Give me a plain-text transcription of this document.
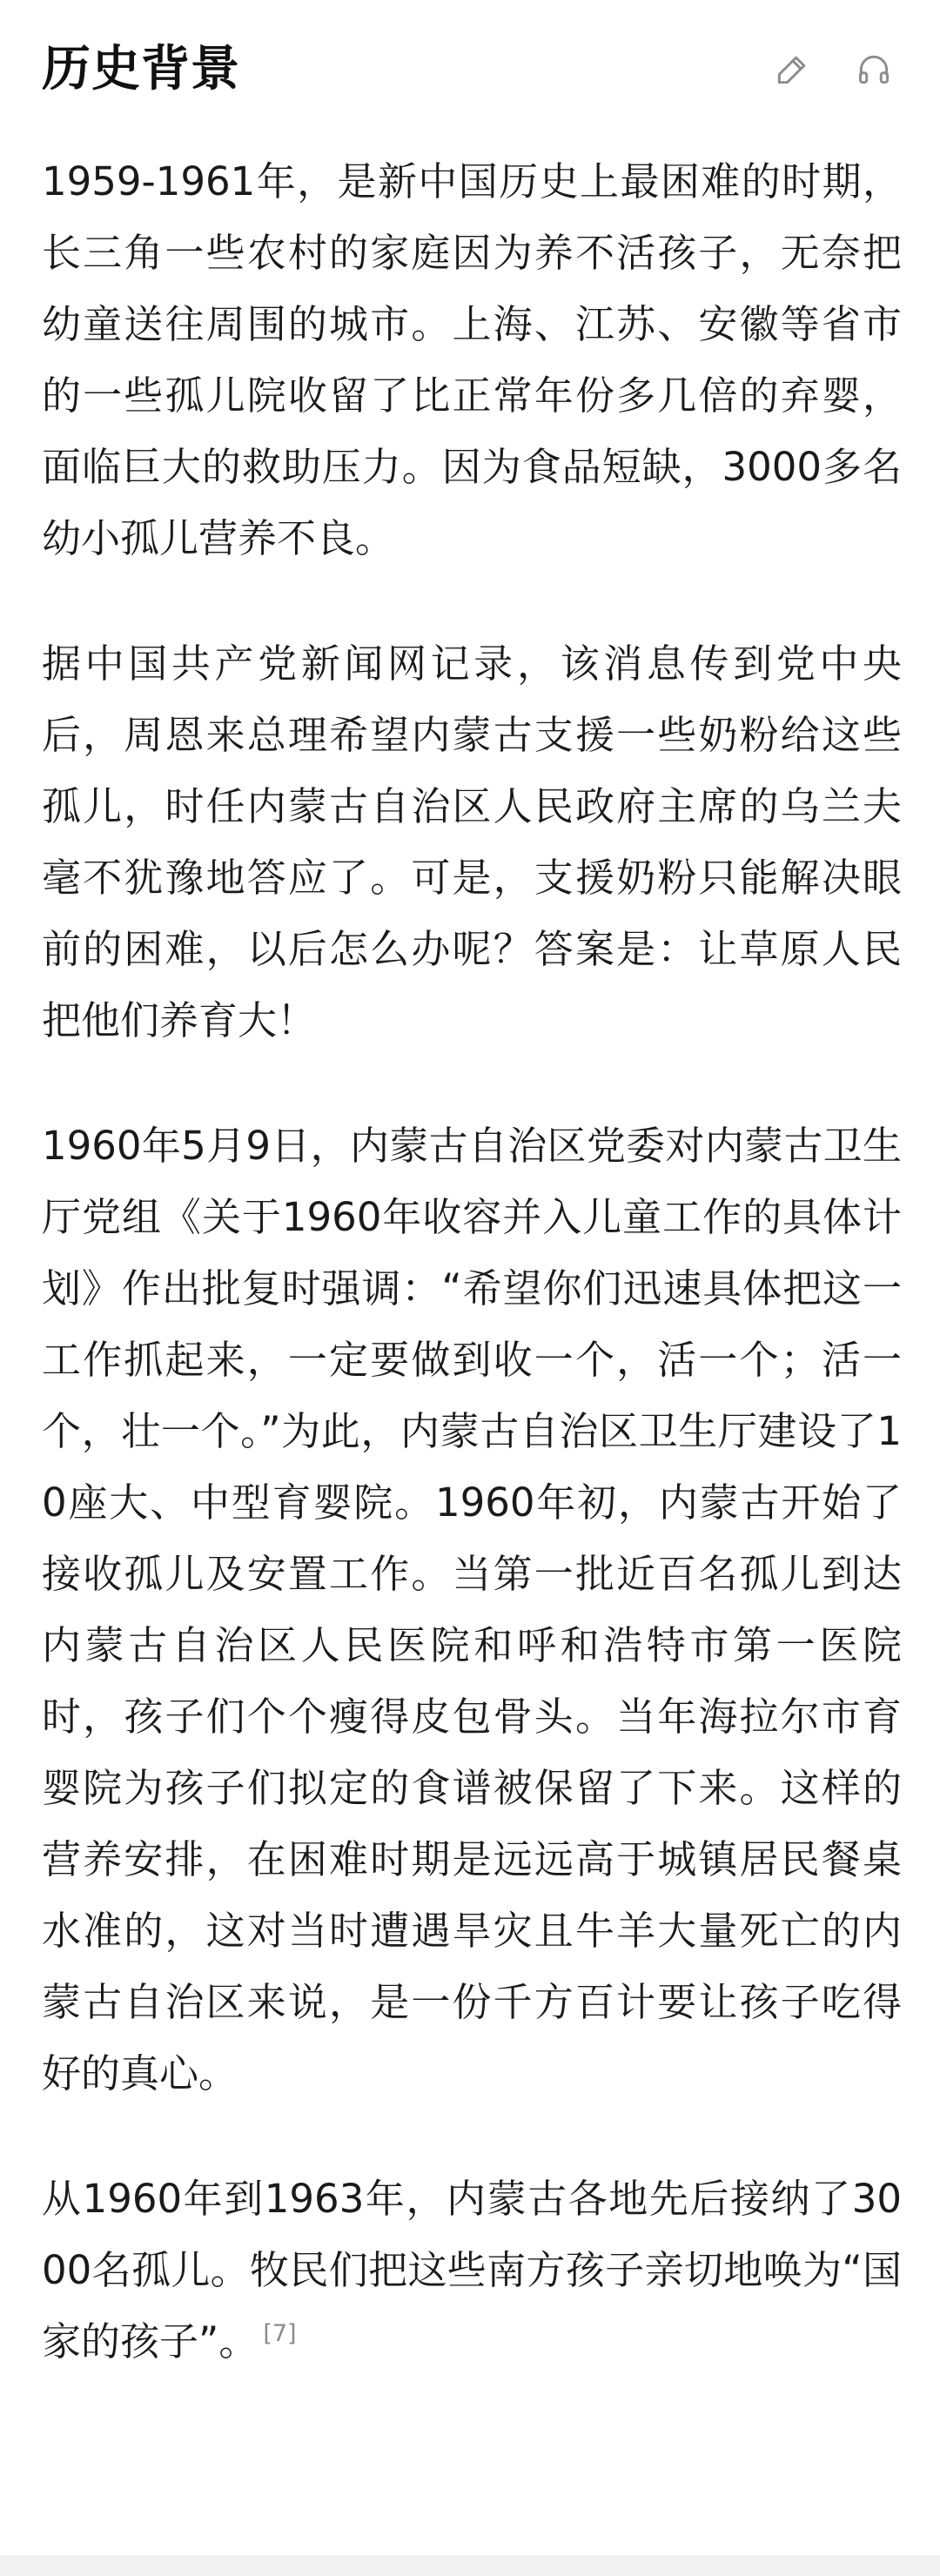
历史背景

1959-1961年，是新中国历史上最困难的时期，长三角一些农村的家庭因为养不活孩子，无奈把幼童送往周围的城市。上海、江苏、安徽等省市的一些孤儿院收留了比正常年份多几倍的弃婴，面临巨大的救助压力。因为食品短缺，3000多名幼小孤儿营养不良。

据中国共产党新闻网记录，该消息传到党中央后，周恩来总理希望内蒙古支援一些奶粉给这些孤儿，时任内蒙古自治区人民政府主席的乌兰夫毫不犹豫地答应了。可是，支援奶粉只能解决眼前的困难，以后怎么办呢？答案是：让草原人民把他们养育大！

1960年5月9日，内蒙古自治区党委对内蒙古卫生厅党组《关于1960年收容并入儿童工作的具体计划》作出批复时强调：“希望你们迅速具体把这一工作抓起来，一定要做到收一个，活一个；活一个，壮一个。”为此，内蒙古自治区卫生厅建设了10座大、中型育婴院。1960年初，内蒙古开始了接收孤儿及安置工作。当第一批近百名孤儿到达内蒙古自治区人民医院和呼和浩特市第一医院时，孩子们个个瘦得皮包骨头。当年海拉尔市育婴院为孩子们拟定的食谱被保留了下来。这样的营养安排，在困难时期是远远高于城镇居民餐桌水准的，这对当时遭遇旱灾且牛羊大量死亡的内蒙古自治区来说，是一份千方百计要让孩子吃得好的真心。

从1960年到1963年，内蒙古各地先后接纳了3000名孤儿。牧民们把这些南方孩子亲切地唤为“国家的孩子”。 [7]
